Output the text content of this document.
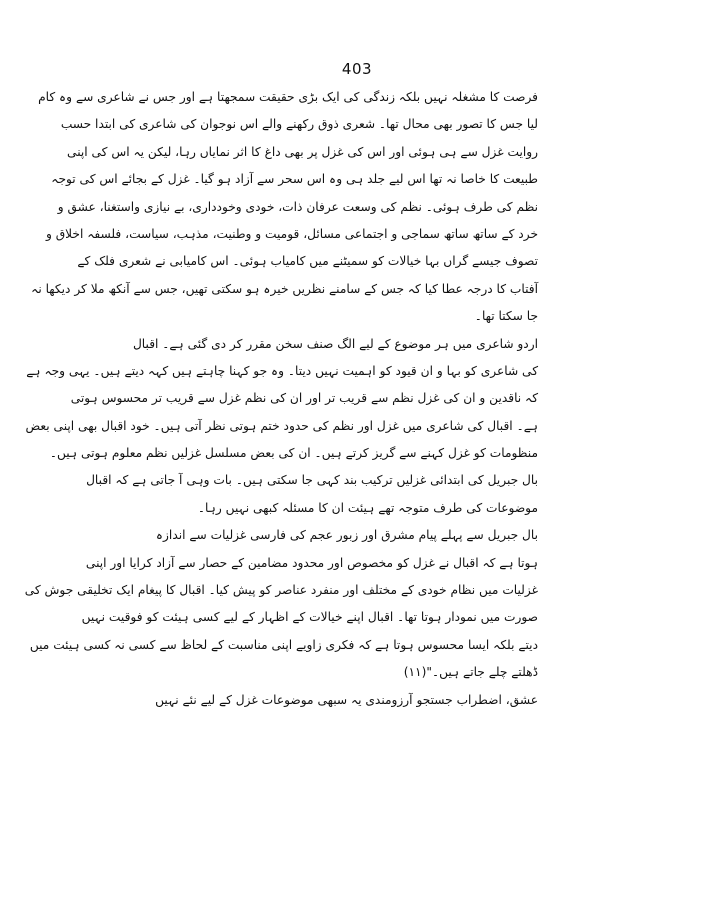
403
فرصت کا مشغلہ نہیں بلکہ زندگی کی ایک بڑی حقیقت سمجھتا ہے اور جس نے شاعری سے وہ کام
لیا جس کا تصور بھی محال تھا۔ شعری ذوق رکھنے والے اس نوجوان کی شاعری کی ابتدا حسب
روایت غزل سے ہی ہوئی اور اس کی غزل پر بھی داغ کا اثر نمایاں رہا، لیکن یہ اس کی اپنی
طبیعت کا خاصا نہ تھا اس لیے جلد ہی وہ اس سحر سے آزاد ہو گیا۔ غزل کے بجائے اس کی توجہ
نظم کی طرف ہوئی۔ نظم کی وسعت عرفان ذات، خودی وخودداری، بے نیازی واستغنا، عشق و
خرد کے ساتھ ساتھ سماجی و اجتماعی مسائل، قومیت و وطنیت، مذہب، سیاست، فلسفہ اخلاق و
تصوف جیسے گراں بہا خیالات کو سمیٹنے میں کامیاب ہوئی۔ اس کامیابی نے شعری فلک کے
آفتاب کا درجہ عطا کیا کہ جس کے سامنے نظریں خیرہ ہو سکتی تھیں، جس سے آنکھ ملا کر دیکھا نہ
جا سکتا تھا۔
اردو شاعری میں ہر موضوع کے لیے الگ صنف سخن مقرر کر دی گئی ہے۔ اقبال
کی شاعری کو بہا و ان قیود کو اہمیت نہیں دیتا۔ وہ جو کہنا چاہتے ہیں کہہ دیتے ہیں۔ یہی وجہ ہے
کہ ناقدین و ان کی غزل نظم سے قریب تر اور ان کی نظم غزل سے قریب تر محسوس ہوتی
ہے۔ اقبال کی شاعری میں غزل اور نظم کی حدود ختم ہوتی نظر آتی ہیں۔ خود اقبال بھی اپنی بعض
منظومات کو غزل کہنے سے گریز کرتے ہیں۔ ان کی بعض مسلسل غزلیں نظم معلوم ہوتی ہیں۔
بال جبریل کی ابتدائی غزلیں ترکیب بند کہی جا سکتی ہیں۔ بات وہی آ جاتی ہے کہ اقبال
موضوعات کی طرف متوجہ تھے ہیئت ان کا مسئلہ کبھی نہیں رہا۔
بال جبریل سے پہلے پیام مشرق اور زبور عجم کی فارسی غزلیات سے اندازہ
ہوتا ہے کہ اقبال نے غزل کو مخصوص اور محدود مضامین کے حصار سے آزاد کرایا اور اپنی
غزلیات میں نظام خودی کے مختلف اور منفرد عناصر کو پیش کیا۔ اقبال کا پیغام ایک تخلیقی جوش کی
صورت میں نمودار ہوتا تھا۔ اقبال اپنے خیالات کے اظہار کے لیے کسی ہیئت کو فوقیت نہیں
دیتے بلکہ ایسا محسوس ہوتا ہے کہ فکری زاویے اپنی مناسبت کے لحاظ سے کسی نہ کسی ہیئت میں
ڈھلتے چلے جاتے ہیں۔"(۱۱)
عشق، اضطراب جستجو آرزومندی یہ سبھی موضوعات غزل کے لیے نئے نہیں
